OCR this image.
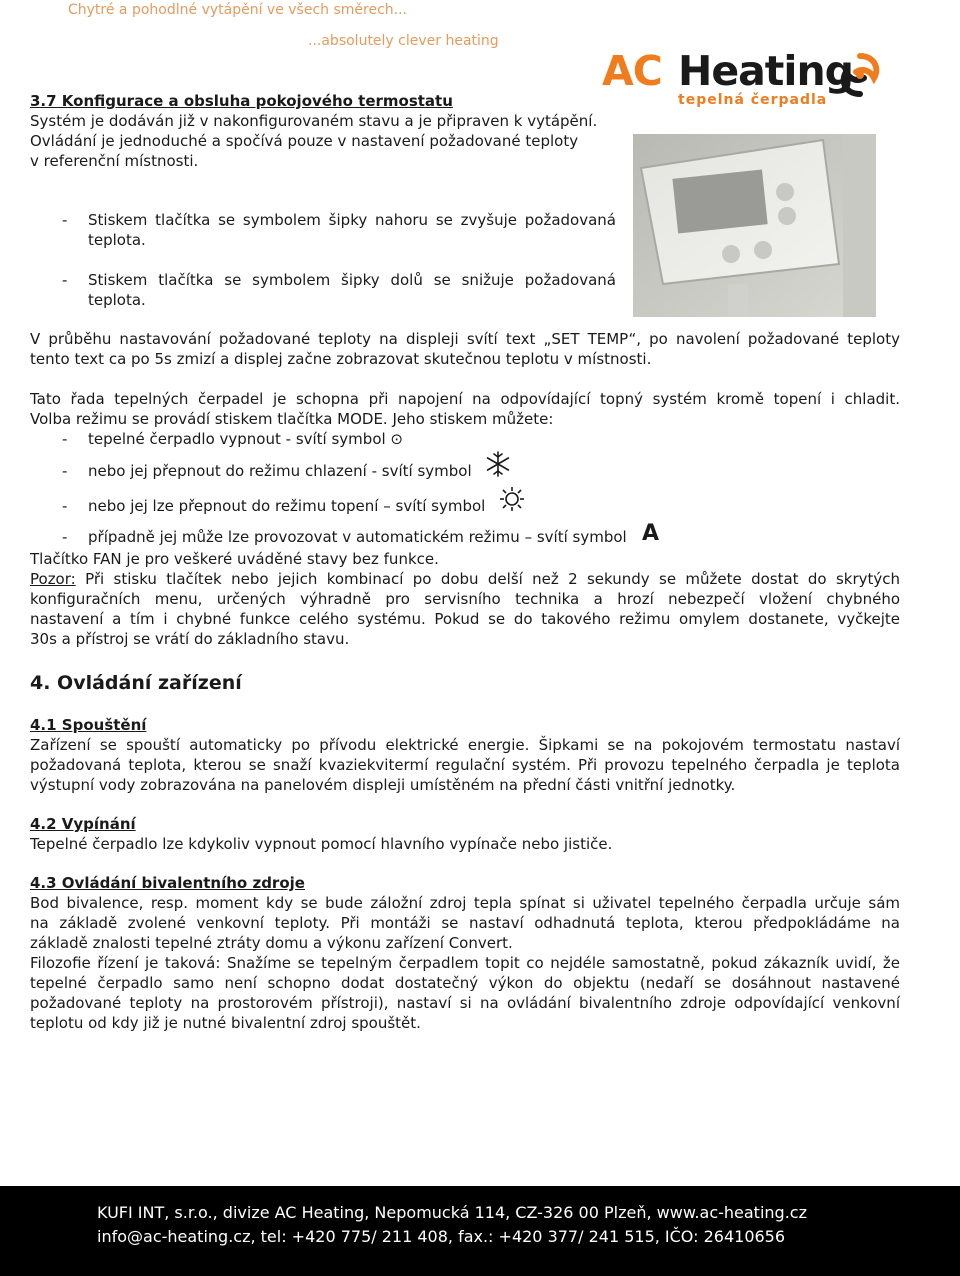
Chytré a pohodlné vytápění ve všech směrech...
...absolutely clever heating
AC Heating
tepelná čerpadla
3.7 Konfigurace a obsluha pokojového termostatu
Systém je dodáván již v nakonfigurovaném stavu a je připraven k vytápění.
Ovládání je jednoduché a spočívá pouze v nastavení požadované teploty
v referenční místnosti.
- Stiskem tlačítka se symbolem šipky nahoru se zvyšuje požadovaná
teplota.
- Stiskem tlačítka se symbolem šipky dolů se snižuje požadovaná
teplota.
V průběhu nastavování požadované teploty na displeji svítí text „SET TEMP“, po navolení požadované teploty
tento text ca po 5s zmizí a displej začne zobrazovat skutečnou teplotu v místnosti.
Tato řada tepelných čerpadel je schopna při napojení na odpovídající topný systém kromě topení i chladit.
Volba režimu se provádí stiskem tlačítka MODE. Jeho stiskem můžete:
- tepelné čerpadlo vypnout - svítí symbol ⊙
- nebo jej přepnout do režimu chlazení - svítí symbol
- nebo jej lze přepnout do režimu topení – svítí symbol
- případně jej může lze provozovat v automatickém režimu – svítí symbol A
Tlačítko FAN je pro veškeré uváděné stavy bez funkce.
Pozor: Při stisku tlačítek nebo jejich kombinací po dobu delší než 2 sekundy se můžete dostat do skrytých
konfiguračních menu, určených výhradně pro servisního technika a hrozí nebezpečí vložení chybného
nastavení a tím i chybné funkce celého systému. Pokud se do takového režimu omylem dostanete, vyčkejte
30s a přístroj se vrátí do základního stavu.
4. Ovládání zařízení
4.1 Spouštění
Zařízení se spouští automaticky po přívodu elektrické energie. Šipkami se na pokojovém termostatu nastaví
požadovaná teplota, kterou se snaží kvaziekvitermí regulační systém. Při provozu tepelného čerpadla je teplota
výstupní vody zobrazována na panelovém displeji umístěném na přední části vnitřní jednotky.
4.2 Vypínání
Tepelné čerpadlo lze kdykoliv vypnout pomocí hlavního vypínače nebo jističe.
4.3 Ovládání bivalentního zdroje
Bod bivalence, resp. moment kdy se bude záložní zdroj tepla spínat si uživatel tepelného čerpadla určuje sám
na základě zvolené venkovní teploty. Při montáži se nastaví odhadnutá teplota, kterou předpokládáme na
základě znalosti tepelné ztráty domu a výkonu zařízení Convert.
Filozofie řízení je taková: Snažíme se tepelným čerpadlem topit co nejdéle samostatně, pokud zákazník uvidí, že
tepelné čerpadlo samo není schopno dodat dostatečný výkon do objektu (nedaří se dosáhnout nastavené
požadované teploty na prostorovém přístroji), nastaví si na ovládání bivalentního zdroje odpovídající venkovní
teplotu od kdy již je nutné bivalentní zdroj spouštět.
KUFI INT, s.r.o., divize AC Heating, Nepomucká 114, CZ-326 00 Plzeň, www.ac-heating.cz
info@ac-heating.cz, tel: +420 775/ 211 408, fax.: +420 377/ 241 515, IČO: 26410656
